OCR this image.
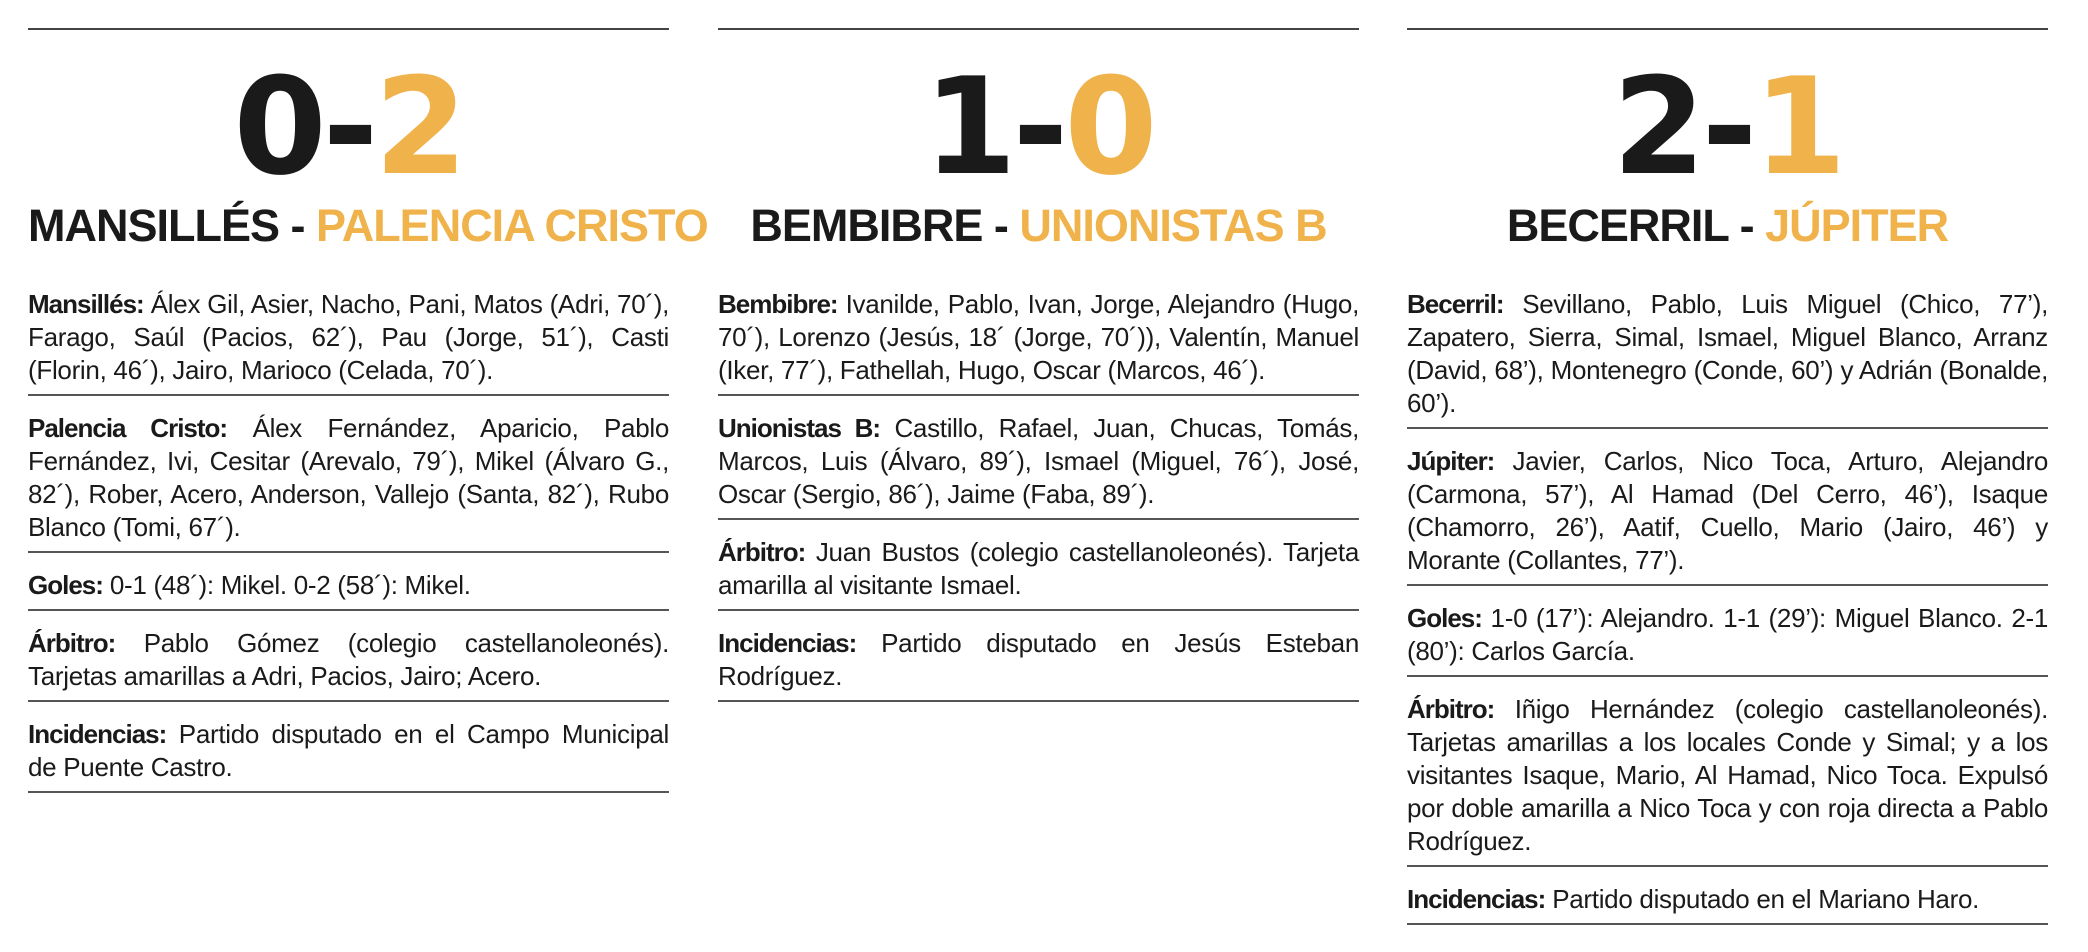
0-2
MANSILLÉS - PALENCIA CRISTO
Mansillés: Álex Gil, Asier, Nacho, Pani, Matos (Adri, 70´), Farago, Saúl (Pacios, 62´), Pau (Jorge, 51´), Casti (Florin, 46´), Jairo, Marioco (Celada, 70´).
Palencia Cristo: Álex Fernández, Aparicio, Pablo Fernández, Ivi, Cesitar (Arevalo, 79´), Mikel (Álvaro G., 82´), Rober, Acero, Anderson, Vallejo (Santa, 82´), Rubo Blanco (Tomi, 67´).
Goles: 0-1 (48´): Mikel. 0-2 (58´): Mikel.
Árbitro: Pablo Gómez (colegio castellanoleonés). Tarjetas amarillas a Adri, Pacios, Jairo; Acero.
Incidencias: Partido disputado en el Campo Municipal de Puente Castro.
1-0
BEMBIBRE - UNIONISTAS B
Bembibre: Ivanilde, Pablo, Ivan, Jorge, Alejandro (Hugo, 70´), Lorenzo (Jesús, 18´ (Jorge, 70´)), Valentín, Manuel (Iker, 77´), Fathellah, Hugo, Oscar (Marcos, 46´).
Unionistas B: Castillo, Rafael, Juan, Chucas, Tomás, Marcos, Luis (Álvaro, 89´), Ismael (Miguel, 76´), José, Oscar (Sergio, 86´), Jaime (Faba, 89´).
Árbitro: Juan Bustos (colegio castellanoleonés). Tarjeta amarilla al visitante Ismael.
Incidencias: Partido disputado en Jesús Esteban Rodríguez.
2-1
BECERRIL - JÚPITER
Becerril: Sevillano, Pablo, Luis Miguel (Chico, 77’), Zapatero, Sierra, Simal, Ismael, Miguel Blanco, Arranz (David, 68’), Montenegro (Conde, 60’) y Adrián (Bonalde, 60’).
Júpiter: Javier, Carlos, Nico Toca, Arturo, Alejandro (Carmona, 57’), Al Hamad (Del Cerro, 46’), Isaque (Chamorro, 26’), Aatif, Cuello, Mario (Jairo, 46’) y Morante (Collantes, 77’).
Goles: 1-0 (17’): Alejandro. 1-1 (29’): Miguel Blanco. 2-1 (80’): Carlos García.
Árbitro: Iñigo Hernández (colegio castellanoleonés). Tarjetas amarillas a los locales Conde y Simal; y a los visitantes Isaque, Mario, Al Hamad, Nico Toca. Expulsó por doble amarilla a Nico Toca y con roja directa a Pablo Rodríguez.
Incidencias: Partido disputado en el Mariano Haro.
